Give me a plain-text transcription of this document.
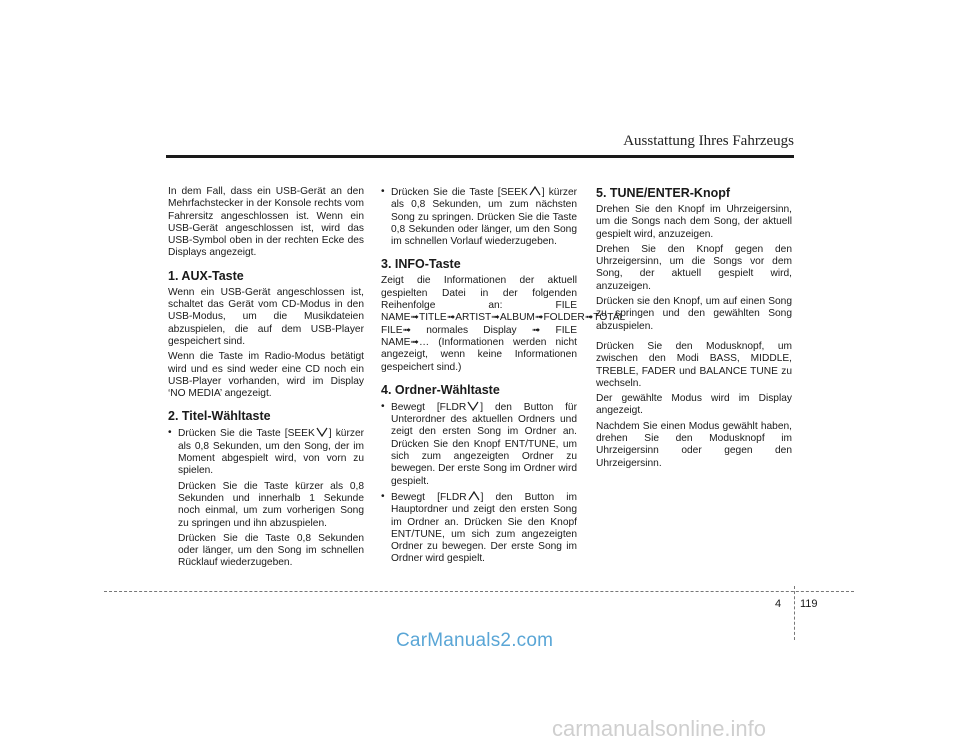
Ausstattung Ihres Fahrzeugs

In dem Fall, dass ein USB-Gerät an den Mehrfachstecker in der Konsole rechts vom Fahrersitz angeschlossen ist. Wenn ein USB-Gerät angeschlossen ist, wird das USB-Symbol oben in der rechten Ecke des Displays angezeigt.

1. AUX-Taste

Wenn ein USB-Gerät angeschlossen ist, schaltet das Gerät vom CD-Modus in den USB-Modus, um die Musikdateien abzuspielen, die auf dem USB-Player gespeichert sind.

Wenn die Taste im Radio-Modus betätigt wird und es sind weder eine CD noch ein USB-Player vorhanden, wird im Display ‘NO MEDIA’ angezeigt.

2. Titel-Wähltaste
• Drücken Sie die Taste [SEEK ] kürzer als 0,8 Sekunden, um den Song, der im Moment abgespielt wird, von vorn zu spielen.

Drücken Sie die Taste kürzer als 0,8 Sekunden und innerhalb 1 Sekunde noch einmal, um zum vorherigen Song zu springen und ihn abzuspielen.

Drücken Sie die Taste 0,8 Sekunden oder länger, um den Song im schnellen Rücklauf wiederzugeben.

• Drücken Sie die Taste [SEEK ] kürzer als 0,8 Sekunden, um zum nächsten Song zu springen. Drücken Sie die Taste 0,8 Sekunden oder länger, um den Song im schnellen Vorlauf wiederzugeben.
3. INFO-Taste

Zeigt die Informationen der aktuell gespielten Datei in der folgenden Reihenfolge an: FILE NAME➟TITLE➟ARTIST➟ALBUM➟FOLDER➟TOTAL FILE➟ normales Display ➟ FILE NAME➟… (Informationen werden nicht angezeigt, wenn keine Informationen gespeichert sind.)

4. Ordner-Wähltaste
• Bewegt [FLDR ] den Button für Unterordner des aktuellen Ordners und zeigt den ersten Song im Ordner an. Drücken Sie den Knopf ENT/TUNE, um sich zum angezeigten Ordner zu bewegen. Der erste Song im Ordner wird gespielt.
• Bewegt [FLDR ] den Button im Hauptordner und zeigt den ersten Song im Ordner an. Drücken Sie den Knopf ENT/TUNE, um sich zum angezeigten Ordner zu bewegen. Der erste Song im Ordner wird gespielt.
5. TUNE/ENTER-Knopf

Drehen Sie den Knopf im Uhrzeigersinn, um die Songs nach dem Song, der aktuell gespielt wird, anzuzeigen.

Drehen Sie den Knopf gegen den Uhrzeigersinn, um die Songs vor dem Song, der aktuell gespielt wird, anzuzeigen.

Drücken sie den Knopf, um auf einen Song zu springen und den gewählten Song abzuspielen.

Drücken Sie den Modusknopf, um zwischen den Modi BASS, MIDDLE, TREBLE, FADER und BALANCE TUNE zu wechseln.

Der gewählte Modus wird im Display angezeigt.

Nachdem Sie einen Modus gewählt haben, drehen Sie den Modusknopf im Uhrzeigersinn oder gegen den Uhrzeigersinn.

4 119
CarManuals2.com
carmanualsonline.info
